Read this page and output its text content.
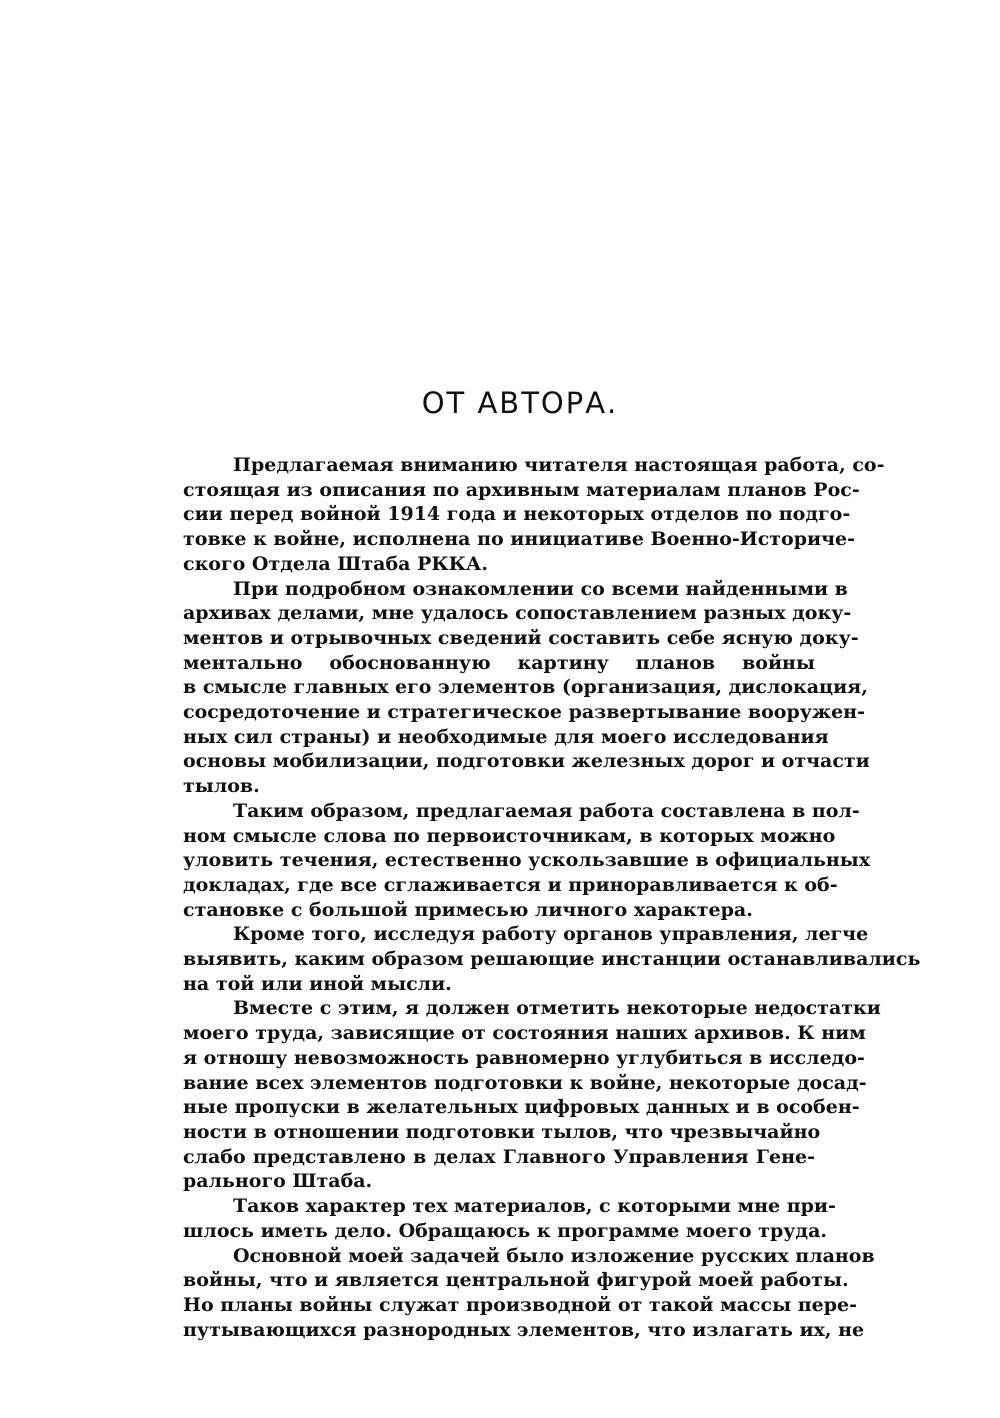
ОТ АВТОРА.

Предлагаемая вниманию читателя настоящая работа, со-
стоящая из описания по архивным материалам планов Рос-
сии перед войной 1914 года и некоторых отделов по подго-
товке к войне, исполнена по инициативе Военно-Историче-
ского Отдела Штаба РККА.

При подробном ознакомлении со всеми найденными в
архивах делами, мне удалось сопоставлением разных доку-
ментов и отрывочных сведений составить себе ясную доку-
ментально обоснованную картину планов войны
в смысле главных его элементов (организация, дислокация,
сосредоточение и стратегическое развертывание вооружен-
ных сил страны) и необходимые для моего исследования
основы мобилизации, подготовки железных дорог и отчасти
тылов.

Таким образом, предлагаемая работа составлена в пол-
ном смысле слова по первоисточникам, в которых можно
уловить течения, естественно ускользавшие в официальных
докладах, где все сглаживается и приноравливается к об-
становке с большой примесью личного характера.

Кроме того, исследуя работу органов управления, легче
выявить, каким образом решающие инстанции останавливались
на той или иной мысли.

Вместе с этим, я должен отметить некоторые недостатки
моего труда, зависящие от состояния наших архивов. К ним
я отношу невозможность равномерно углубиться в исследо-
вание всех элементов подготовки к войне, некоторые досад-
ные пропуски в желательных цифровых данных и в особен-
ности в отношении подготовки тылов, что чрезвычайно
слабо представлено в делах Главного Управления Гене-
рального Штаба.

Таков характер тех материалов, с которыми мне при-
шлось иметь дело. Обращаюсь к программе моего труда.

Основной моей задачей было изложение русских планов
войны, что и является центральной фигурой моей работы.
Но планы войны служат производной от такой массы пере-
путывающихся разнородных элементов, что излагать их, не
